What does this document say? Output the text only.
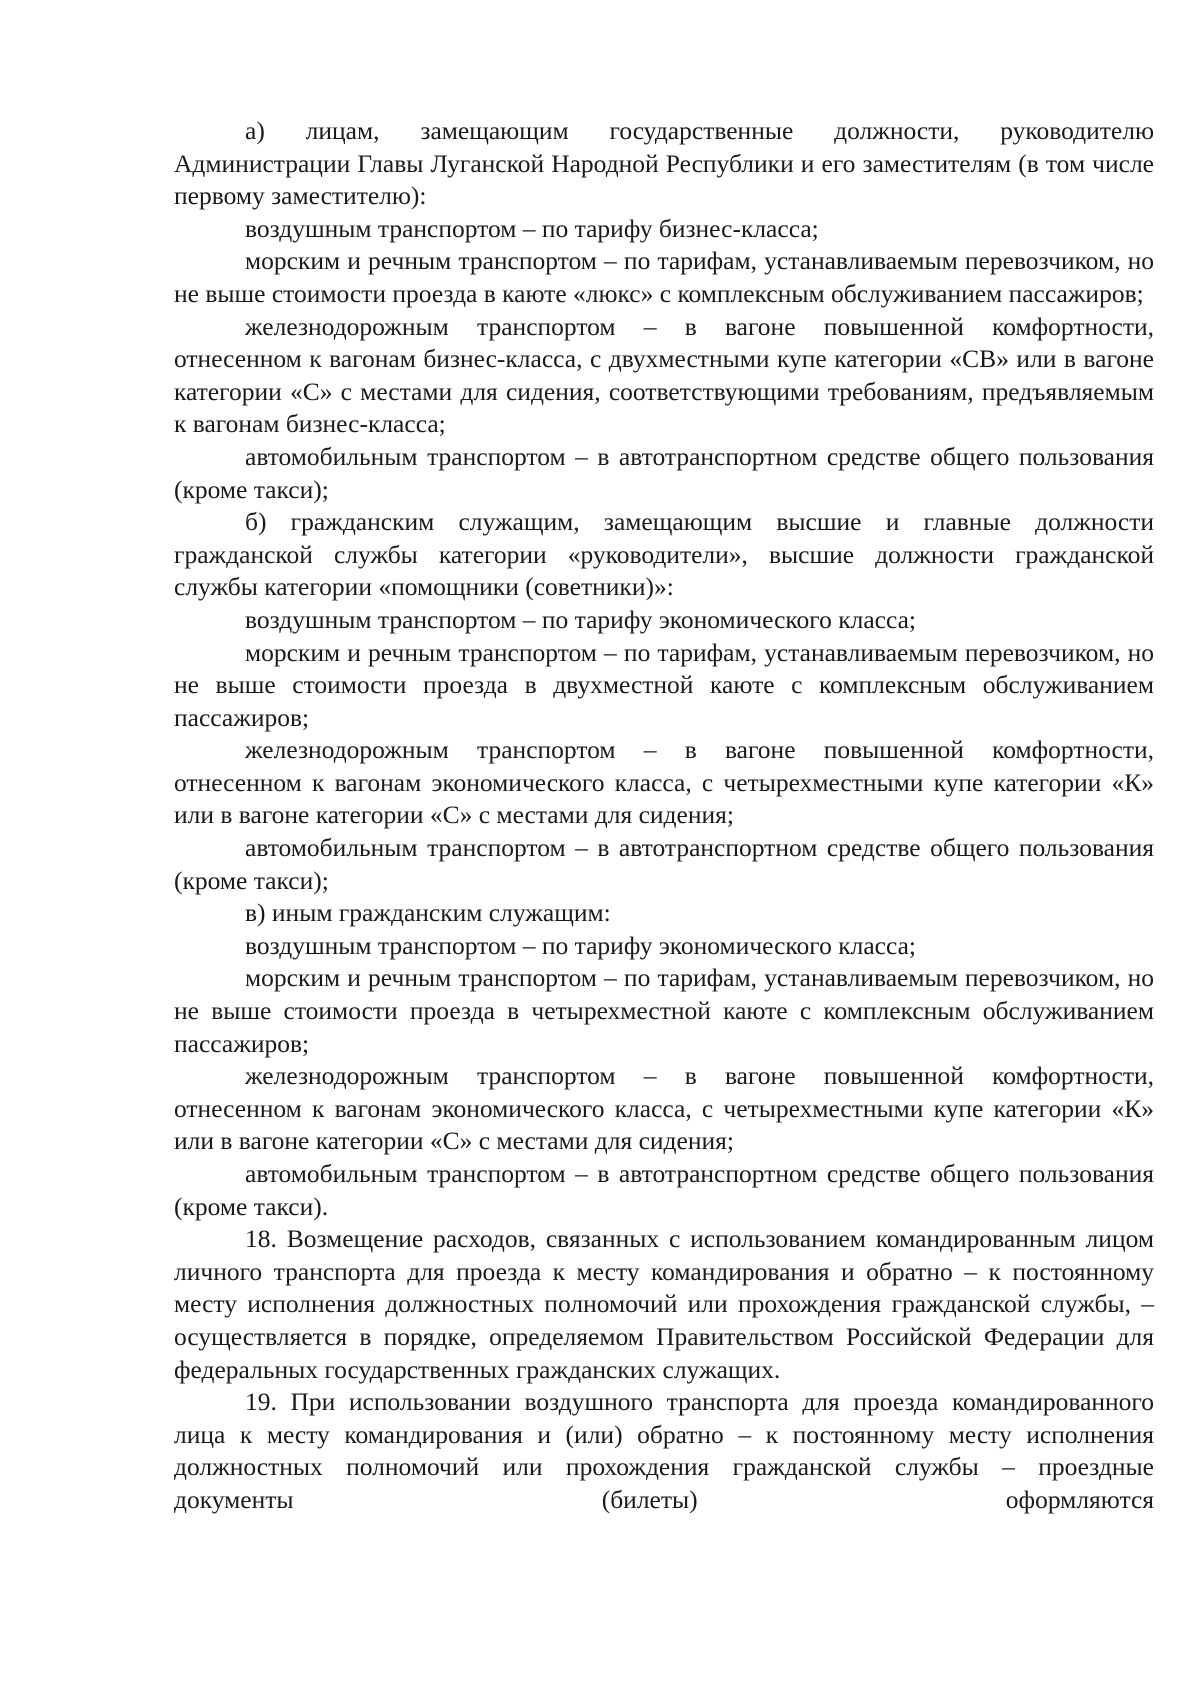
а) лицам, замещающим государственные должности, руководителю Администрации Главы Луганской Народной Республики и его заместителям (в том числе первому заместителю):

воздушным транспортом – по тарифу бизнес-класса;

морским и речным транспортом – по тарифам, устанавливаемым перевозчиком, но не выше стоимости проезда в каюте «люкс» с комплексным обслуживанием пассажиров;

железнодорожным транспортом – в вагоне повышенной комфортности, отнесенном к вагонам бизнес-класса, с двухместными купе категории «СВ» или в вагоне категории «С» с местами для сидения, соответствующими требованиям, предъявляемым к вагонам бизнес-класса;

автомобильным транспортом – в автотранспортном средстве общего пользования (кроме такси);

б) гражданским служащим, замещающим высшие и главные должности гражданской службы категории «руководители», высшие должности гражданской службы категории «помощники (советники)»:

воздушным транспортом – по тарифу экономического класса;

морским и речным транспортом – по тарифам, устанавливаемым перевозчиком, но не выше стоимости проезда в двухместной каюте с комплексным обслуживанием пассажиров;

железнодорожным транспортом – в вагоне повышенной комфортности, отнесенном к вагонам экономического класса, с четырехместными купе категории «К» или в вагоне категории «С» с местами для сидения;

автомобильным транспортом – в автотранспортном средстве общего пользования (кроме такси);

в) иным гражданским служащим:

воздушным транспортом – по тарифу экономического класса;

морским и речным транспортом – по тарифам, устанавливаемым перевозчиком, но не выше стоимости проезда в четырехместной каюте с комплексным обслуживанием пассажиров;

железнодорожным транспортом – в вагоне повышенной комфортности, отнесенном к вагонам экономического класса, с четырехместными купе категории «К» или в вагоне категории «С» с местами для сидения;

автомобильным транспортом – в автотранспортном средстве общего пользования (кроме такси).

18. Возмещение расходов, связанных с использованием командированным лицом личного транспорта для проезда к месту командирования и обратно – к постоянному месту исполнения должностных полномочий или прохождения гражданской службы, – осуществляется в порядке, определяемом Правительством Российской Федерации для федеральных государственных гражданских служащих.

19. При использовании воздушного транспорта для проезда командированного лица к месту командирования и (или) обратно – к постоянному месту исполнения должностных полномочий или прохождения гражданской службы – проездные документы (билеты) оформляются
